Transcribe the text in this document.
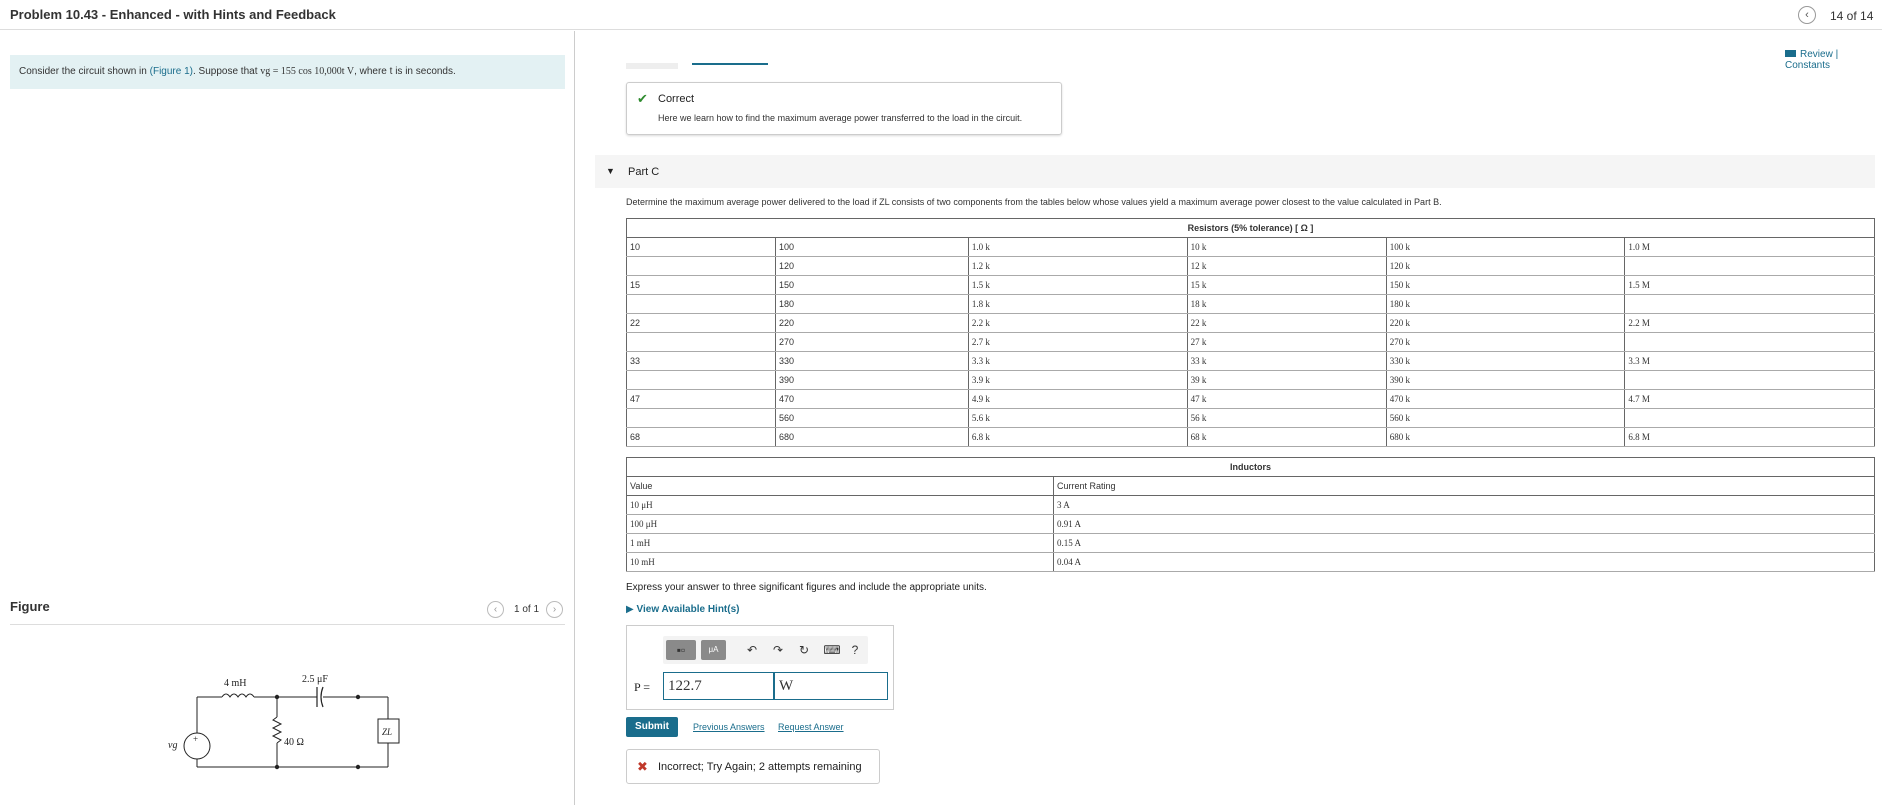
Problem 10.43 - Enhanced - with Hints and Feedback	‹	14 of 14
Consider the circuit shown in (Figure 1). Suppose that vg = 155 cos 10,000t V, where t is in seconds.
Figure	‹	1 of 1	›
4 mH	2.5 μF
vg
+	40 Ω
ZL
Review | Constants
✔ Correct
Here we learn how to find the maximum average power transferred to the load in the circuit.
▼ Part C
Determine the maximum average power delivered to the load if ZL consists of two components from the tables below whose values yield a maximum average power closest to the value calculated in Part B.
Resistors (5% tolerance) [ Ω ]					
10	100	1.0 k	10 k	100 k	1.0 M
	120	1.2 k	12 k	120 k	
15	150	1.5 k	15 k	150 k	1.5 M
	180	1.8 k	18 k	180 k	
22	220	2.2 k	22 k	220 k	2.2 M
	270	2.7 k	27 k	270 k	
33	330	3.3 k	33 k	330 k	3.3 M
	390	3.9 k	39 k	390 k	
47	470	4.9 k	47 k	470 k	4.7 M
	560	5.6 k	56 k	560 k	
68	680	6.8 k	68 k	680 k	6.8 M
Inductors	
Value	Current Rating
10 μH	3 A
100 μH	0.91 A
1 mH	0.15 A
10 mH	0.04 A
Express your answer to three significant figures and include the appropriate units.
▶ View Available Hint(s)
▪▫	μA	↶	↷	↻	⌨ ?
P =	122.7	W
Submit	Previous Answers Request Answer
✖ Incorrect; Try Again; 2 attempts remaining
